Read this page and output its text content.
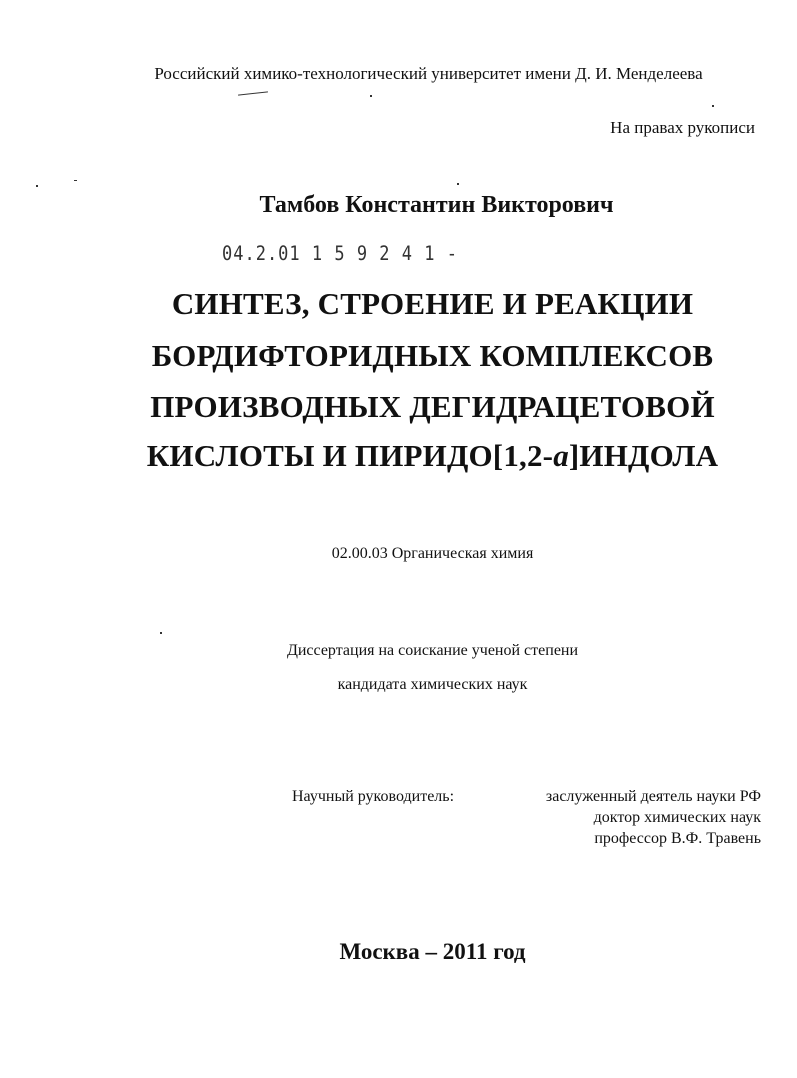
Российский химико-технологический университет имени Д. И. Менделеева
На правах рукописи
Тамбов Константин Викторович
04.2.01 1 5 9 2 4 1 -
СИНТЕЗ, СТРОЕНИЕ И РЕАКЦИИ
БОРДИФТОРИДНЫХ КОМПЛЕКСОВ
ПРОИЗВОДНЫХ ДЕГИДРАЦЕТОВОЙ
КИСЛОТЫ И ПИРИДО[1,2-a]ИНДОЛА
02.00.03 Органическая химия
Диссертация на соискание ученой степени
кандидата химических наук
Научный руководитель:	заслуженный деятель науки РФ
доктор химических наук
профессор В.Ф. Травень
Москва – 2011 год
